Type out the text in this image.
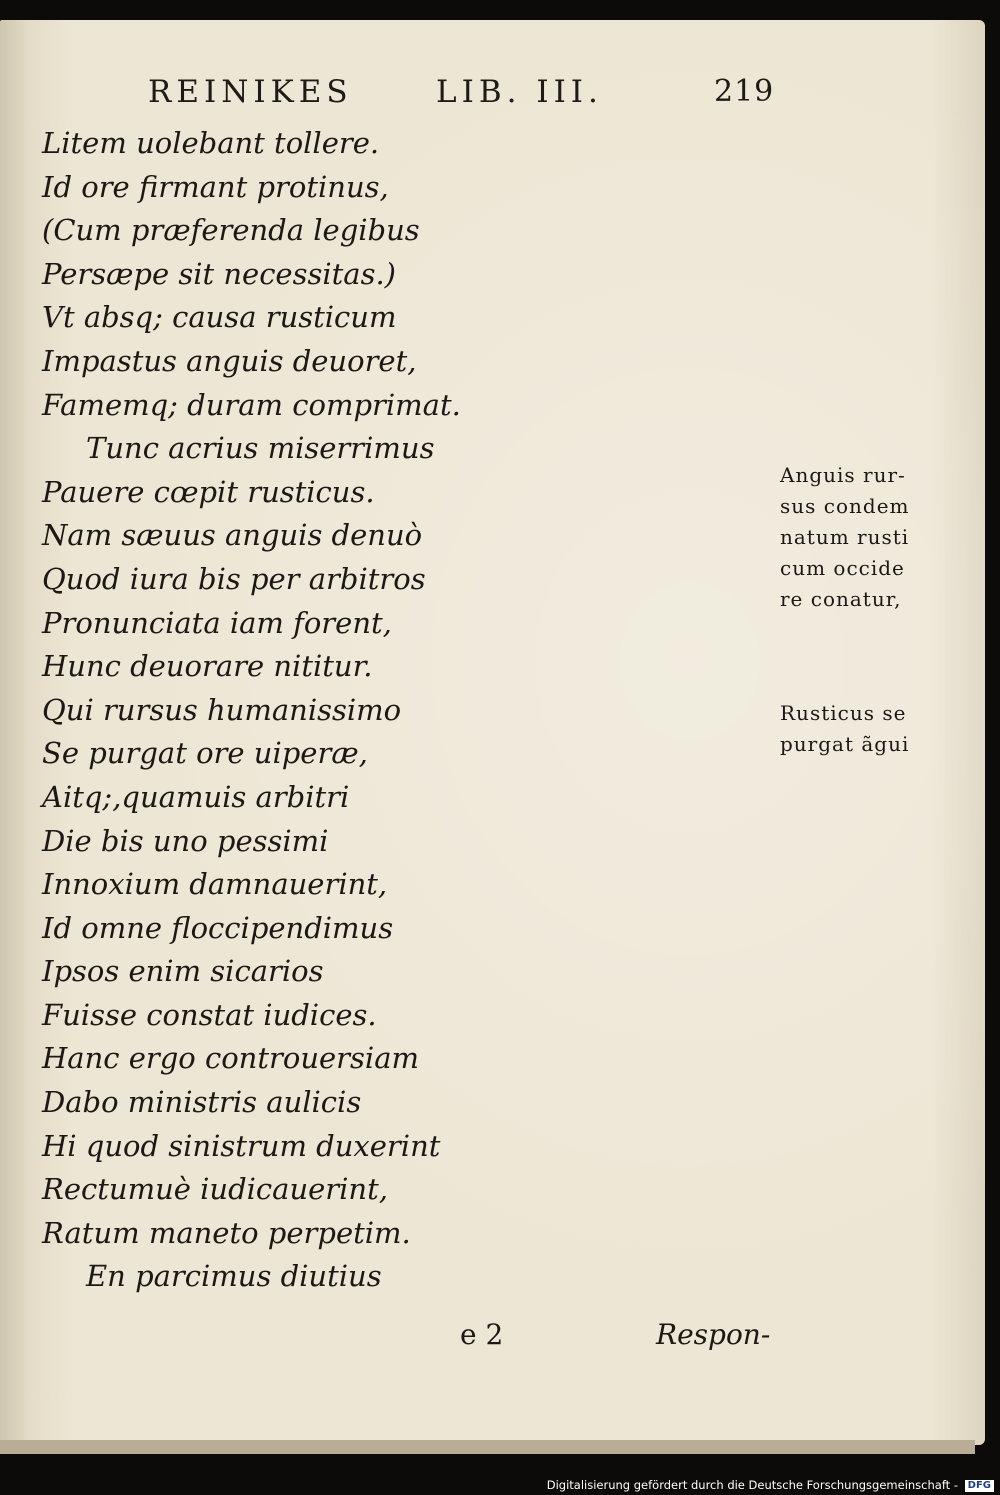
REINIKES	LIB. III.	219
Litem uolebant tollere.
Id ore firmant protinus,
(Cum præferenda legibus
Persæpe sit necessitas.)
Vt absq; causa rusticum
Impastus anguis deuoret,
Famemq; duram comprimat.
Tunc acrius miserrimus
Pauere cœpit rusticus.
Nam sæuus anguis denuò
Quod iura bis per arbitros
Pronunciata iam forent,
Hunc deuorare nititur.
Qui rursus humanissimo
Se purgat ore uiperæ,
Aitq;,quamuis arbitri
Die bis uno pessimi
Innoxium damnauerint,
Id omne floccipendimus
Ipsos enim sicarios
Fuisse constat iudices.
Hanc ergo controuersiam
Dabo ministris aulicis
Hi quod sinistrum duxerint
Rectumuè iudicauerint,
Ratum maneto perpetim.
En parcimus diutius
Anguis rur-
sus condem
natum rusti
cum occide
re conatur,
Rusticus se
purgat ãgui
e 2	Respon-
Digitalisierung gefördert durch die Deutsche Forschungsgemeinschaft - DFG
